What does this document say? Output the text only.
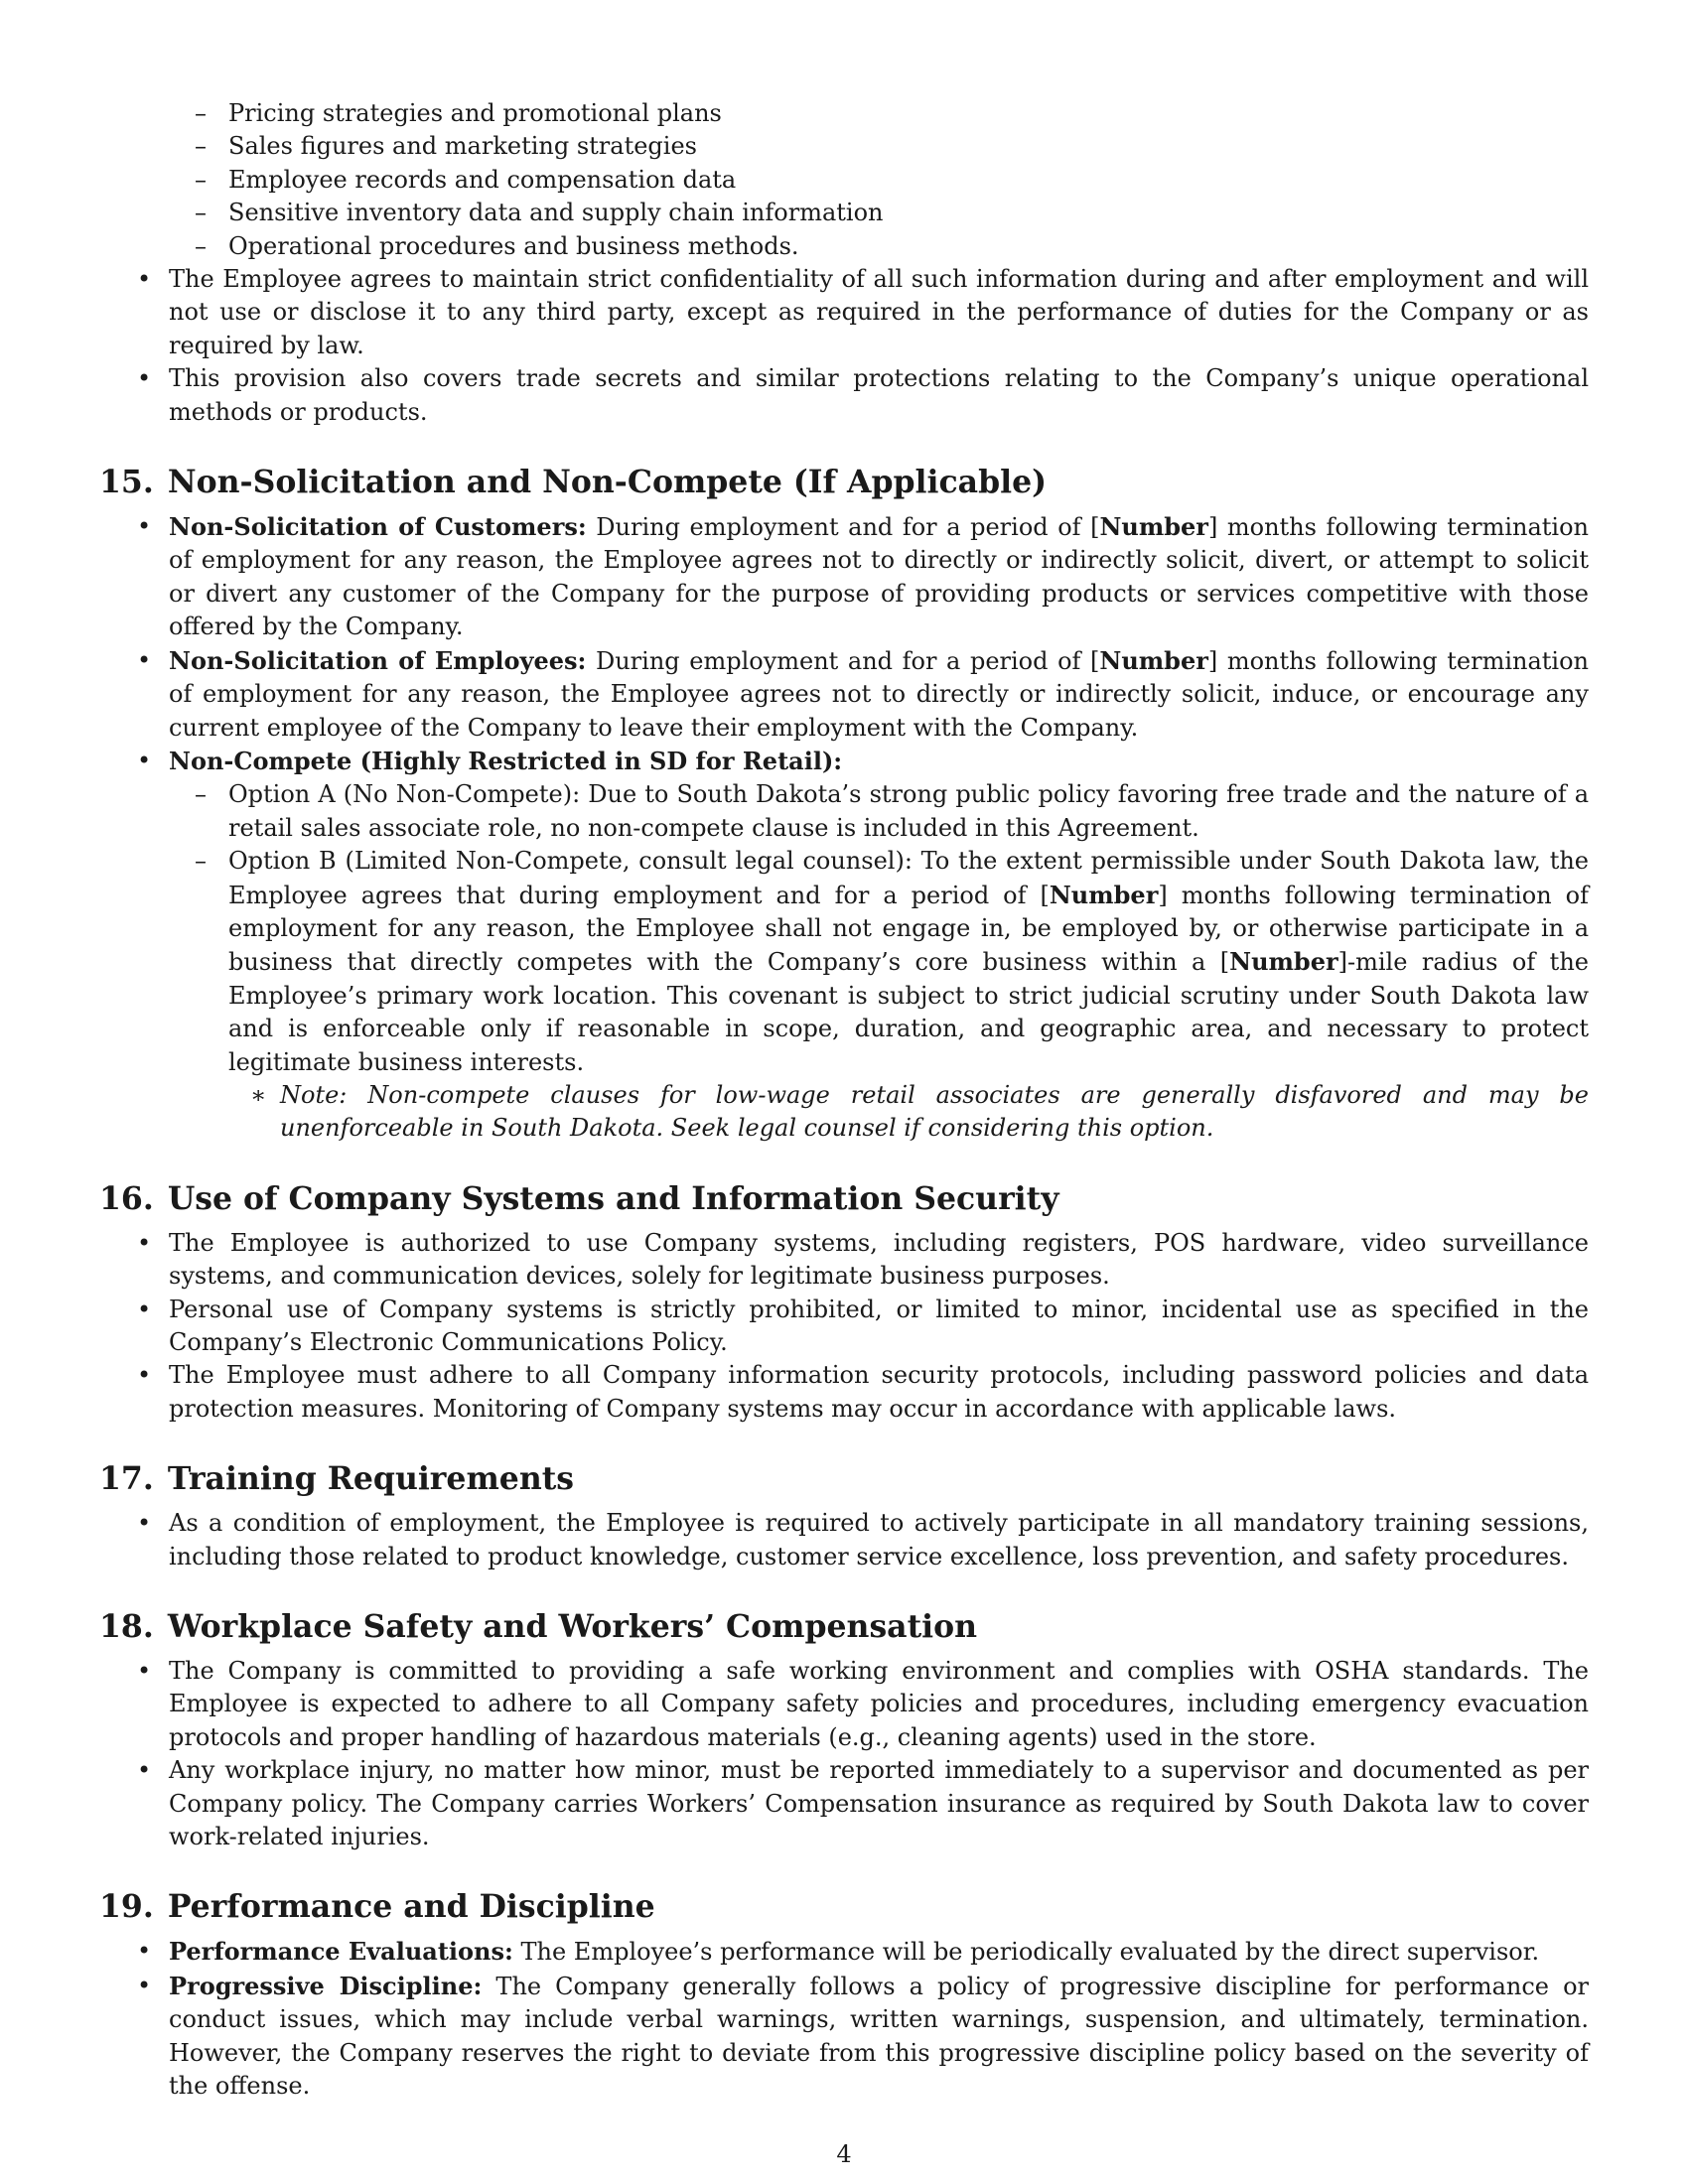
– Pricing strategies and promotional plans
– Sales figures and marketing strategies
– Employee records and compensation data
– Sensitive inventory data and supply chain information
– Operational procedures and business methods.
• The Employee agrees to maintain strict confidentiality of all such information during and after employment and will not use or disclose it to any third party, except as required in the performance of duties for the Company or as required by law.
• This provision also covers trade secrets and similar protections relating to the Company’s unique operational methods or products.
15. Non-Solicitation and Non-Compete (If Applicable)
• Non-Solicitation of Customers: During employment and for a period of [Number] months following termination of employment for any reason, the Employee agrees not to directly or indirectly solicit, divert, or attempt to solicit or divert any customer of the Company for the purpose of providing products or services competitive with those offered by the Company.
• Non-Solicitation of Employees: During employment and for a period of [Number] months following termination of employment for any reason, the Employee agrees not to directly or indirectly solicit, induce, or encourage any current employee of the Company to leave their employment with the Company.
• Non-Compete (Highly Restricted in SD for Retail):
– Option A (No Non-Compete): Due to South Dakota’s strong public policy favoring free trade and the nature of a retail sales associate role, no non-compete clause is included in this Agreement.
– Option B (Limited Non-Compete, consult legal counsel): To the extent permissible under South Dakota law, the Employee agrees that during employment and for a period of [Number] months following termination of employment for any reason, the Employee shall not engage in, be employed by, or otherwise participate in a business that directly competes with the Company’s core business within a [Number]-mile radius of the Employee’s primary work location. This covenant is subject to strict judicial scrutiny under South Dakota law and is enforceable only if reasonable in scope, duration, and geographic area, and necessary to protect legitimate business interests.
∗ Note: Non-compete clauses for low-wage retail associates are generally disfavored and may be unenforceable in South Dakota. Seek legal counsel if considering this option.
16. Use of Company Systems and Information Security
• The Employee is authorized to use Company systems, including registers, POS hardware, video surveillance systems, and communication devices, solely for legitimate business purposes.
• Personal use of Company systems is strictly prohibited, or limited to minor, incidental use as specified in the Company’s Electronic Communications Policy.
• The Employee must adhere to all Company information security protocols, including password policies and data protection measures. Monitoring of Company systems may occur in accordance with applicable laws.
17. Training Requirements
• As a condition of employment, the Employee is required to actively participate in all mandatory training sessions, including those related to product knowledge, customer service excellence, loss prevention, and safety procedures.
18. Workplace Safety and Workers’ Compensation
• The Company is committed to providing a safe working environment and complies with OSHA standards. The Employee is expected to adhere to all Company safety policies and procedures, including emergency evacuation protocols and proper handling of hazardous materials (e.g., cleaning agents) used in the store.
• Any workplace injury, no matter how minor, must be reported immediately to a supervisor and documented as per Company policy. The Company carries Workers’ Compensation insurance as required by South Dakota law to cover work-related injuries.
19. Performance and Discipline
• Performance Evaluations: The Employee’s performance will be periodically evaluated by the direct supervisor.
• Progressive Discipline: The Company generally follows a policy of progressive discipline for performance or conduct issues, which may include verbal warnings, written warnings, suspension, and ultimately, termination. However, the Company reserves the right to deviate from this progressive discipline policy based on the severity of the offense.
4
